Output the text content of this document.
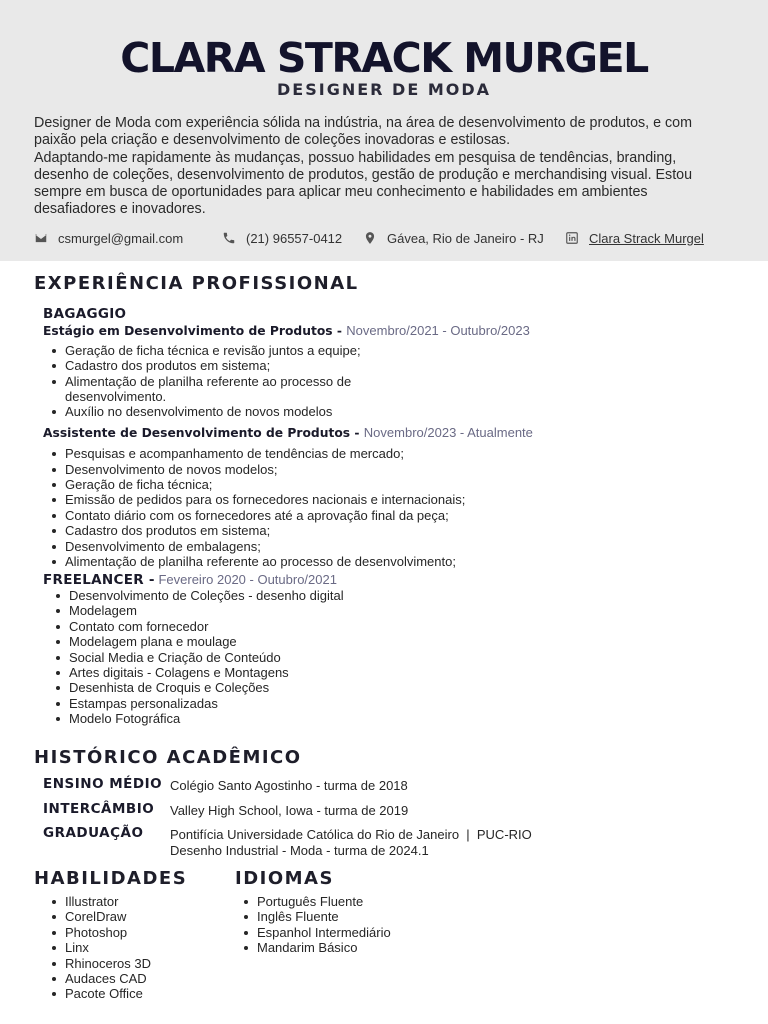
CLARA STRACK MURGEL
DESIGNER DE MODA
Designer de Moda com experiência sólida na indústria, na área de desenvolvimento de produtos, e com paixão pela criação e desenvolvimento de coleções inovadoras e estilosas.
Adaptando-me rapidamente às mudanças, possuo habilidades em pesquisa de tendências, branding, desenho de coleções, desenvolvimento de produtos, gestão de produção e merchandising visual. Estou sempre em busca de oportunidades para aplicar meu conhecimento e habilidades em ambientes desafiadores e inovadores.
csmurgel@gmail.com	(21) 96557-0412	Gávea, Rio de Janeiro - RJ	Clara Strack Murgel
EXPERIÊNCIA PROFISSIONAL
BAGAGGIO
Estágio em Desenvolvimento de Produtos - Novembro/2021 - Outubro/2023
Geração de ficha técnica e revisão juntos a equipe;
Cadastro dos produtos em sistema;
Alimentação de planilha referente ao processo de
desenvolvimento.
Auxílio no desenvolvimento de novos modelos
Assistente de Desenvolvimento de Produtos - Novembro/2023 - Atualmente
Pesquisas e acompanhamento de tendências de mercado;
Desenvolvimento de novos modelos;
Geração de ficha técnica;
Emissão de pedidos para os fornecedores nacionais e internacionais;
Contato diário com os fornecedores até a aprovação final da peça;
Cadastro dos produtos em sistema;
Desenvolvimento de embalagens;
Alimentação de planilha referente ao processo de desenvolvimento;
FREELANCER - Fevereiro 2020 - Outubro/2021
Desenvolvimento de Coleções - desenho digital
Modelagem
Contato com fornecedor
Modelagem plana e moulage
Social Media e Criação de Conteúdo
Artes digitais - Colagens e Montagens
Desenhista de Croquis e Coleções
Estampas personalizadas
Modelo Fotográfica
HISTÓRICO ACADÊMICO
ENSINO MÉDIO Colégio Santo Agostinho - turma de 2018
INTERCÂMBIO Valley High School, Iowa - turma de 2019
GRADUAÇÃO Pontifícia Universidade Católica do Rio de Janeiro  |  PUC-RIO
Desenho Industrial - Moda - turma de 2024.1
HABILIDADES
Illustrator
CorelDraw
Photoshop
Linx
Rhinoceros 3D
Audaces CAD
Pacote Office
IDIOMAS
Português Fluente
Inglês Fluente
Espanhol Intermediário
Mandarim Básico
